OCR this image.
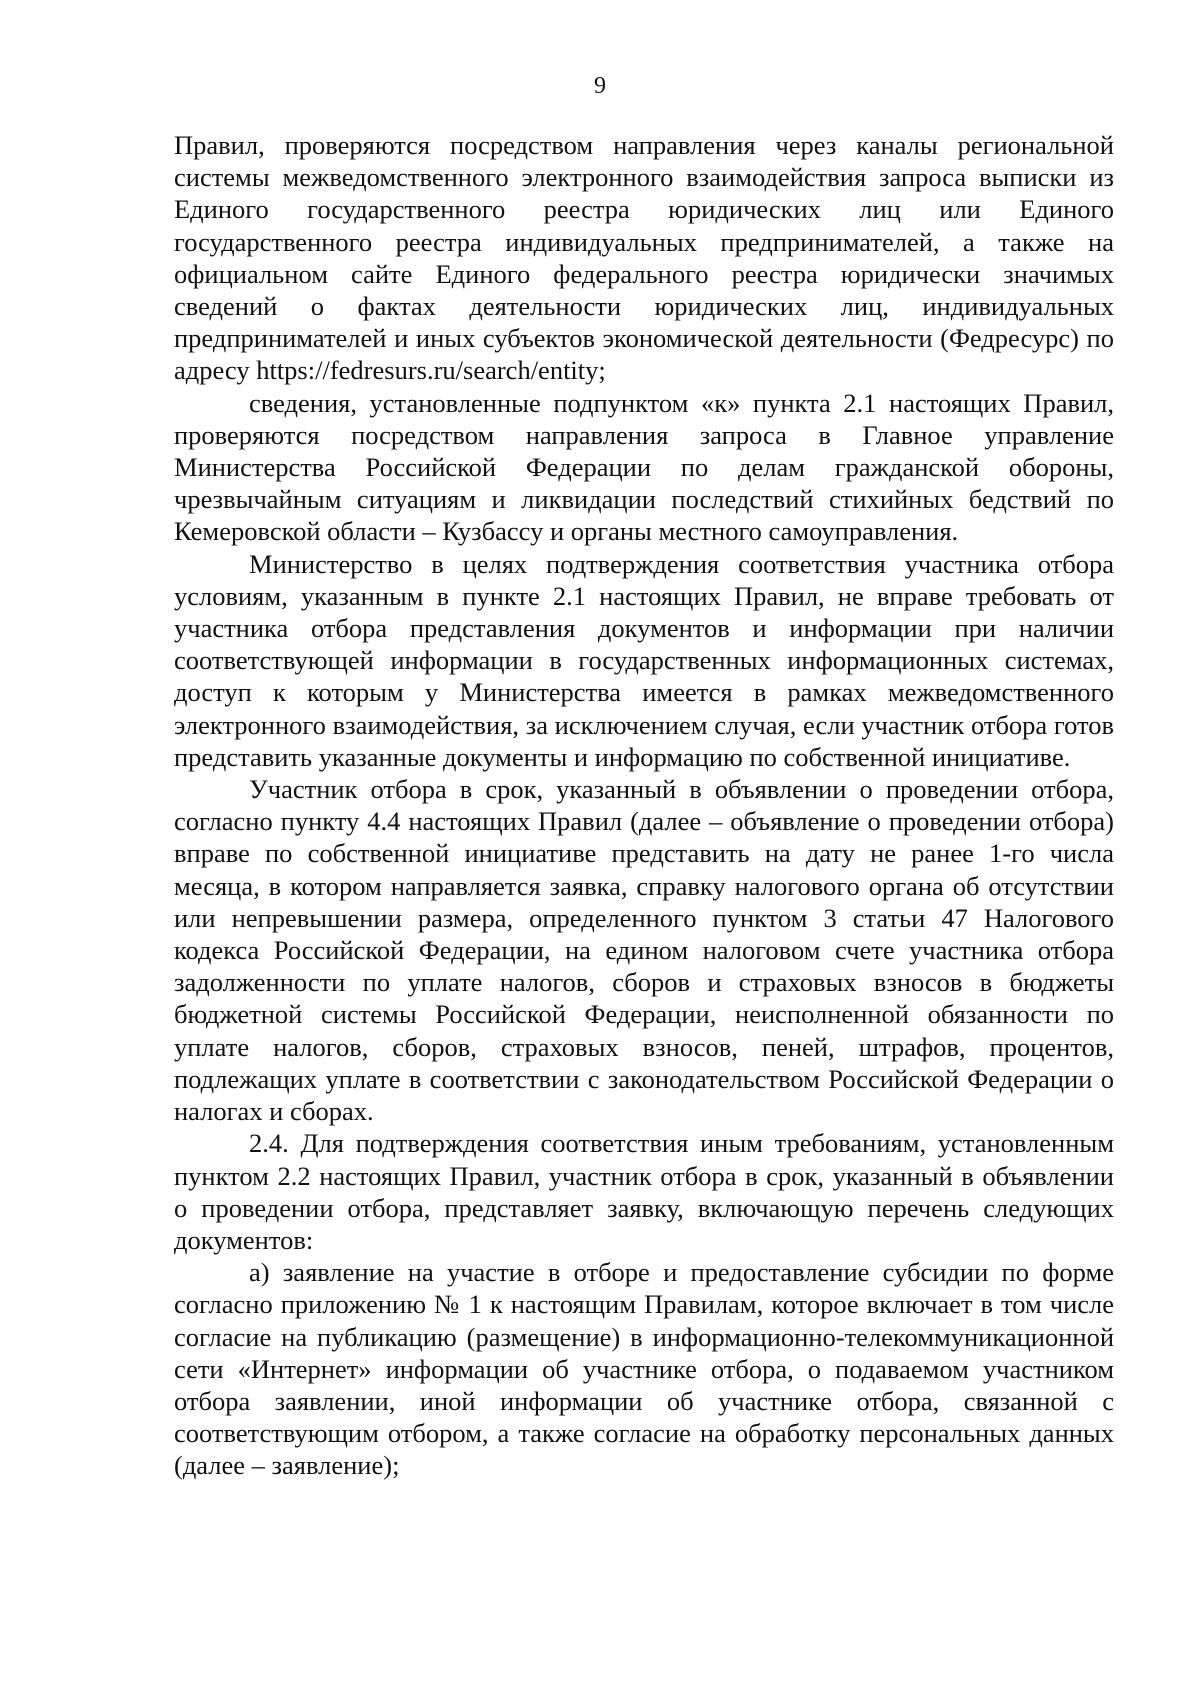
9

Правил, проверяются посредством направления через каналы региональной системы межведомственного электронного взаимодействия запроса выписки из Единого государственного реестра юридических лиц или Единого государственного реестра индивидуальных предпринимателей, а также на официальном сайте Единого федерального реестра юридически значимых сведений о фактах деятельности юридических лиц, индивидуальных предпринимателей и иных субъектов экономической деятельности (Федресурс) по адресу https://fedresurs.ru/search/entity;

сведения, установленные подпунктом «к» пункта 2.1 настоящих Правил, проверяются посредством направления запроса в Главное управление Министерства Российской Федерации по делам гражданской обороны, чрезвычайным ситуациям и ликвидации последствий стихийных бедствий по Кемеровской области – Кузбассу и органы местного самоуправления.

Министерство в целях подтверждения соответствия участника отбора условиям, указанным в пункте 2.1 настоящих Правил, не вправе требовать от участника отбора представления документов и информации при наличии соответствующей информации в государственных информационных системах, доступ к которым у Министерства имеется в рамках межведомственного электронного взаимодействия, за исключением случая, если участник отбора готов представить указанные документы и информацию по собственной инициативе.

Участник отбора в срок, указанный в объявлении о проведении отбора, согласно пункту 4.4 настоящих Правил (далее – объявление о проведении отбора) вправе по собственной инициативе представить на дату не ранее 1-го числа месяца, в котором направляется заявка, справку налогового органа об отсутствии или непревышении размера, определенного пунктом 3 статьи 47 Налогового кодекса Российской Федерации, на едином налоговом счете участника отбора задолженности по уплате налогов, сборов и страховых взносов в бюджеты бюджетной системы Российской Федерации, неисполненной обязанности по уплате налогов, сборов, страховых взносов, пеней, штрафов, процентов, подлежащих уплате в соответствии с законодательством Российской Федерации о налогах и сборах.

2.4. Для подтверждения соответствия иным требованиям, установленным пунктом 2.2 настоящих Правил, участник отбора в срок, указанный в объявлении о проведении отбора, представляет заявку, включающую перечень следующих документов:

а) заявление на участие в отборе и предоставление субсидии по форме согласно приложению № 1 к настоящим Правилам, которое включает в том числе согласие на публикацию (размещение) в информационно-телекоммуникационной сети «Интернет» информации об участнике отбора, о подаваемом участником отбора заявлении, иной информации об участнике отбора, связанной с соответствующим отбором, а также согласие на обработку персональных данных (далее – заявление);
